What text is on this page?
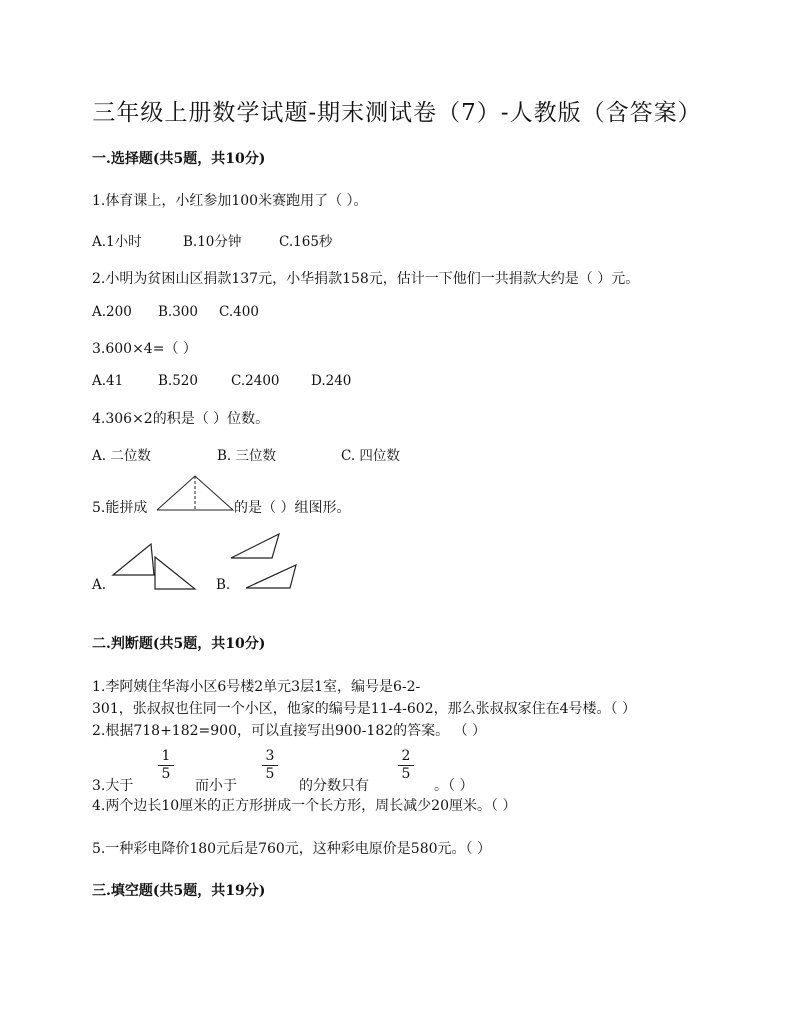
三年级上册数学试题-期末测试卷（7）-人教版（含答案）
一.选择题(共5题，共10分)
1.体育课上，小红参加100米赛跑用了（ ）。
A.1小时	B.10分钟	C.165秒
2.小明为贫困山区捐款137元，小华捐款158元，估计一下他们一共捐款大约是（ ）元。
A.200 B.300 C.400
3.600×4=（ ）
A.41	B.520 C.2400 D.240
4.306×2的积是（ ）位数。
A. 二位数	B. 三位数	C. 四位数
5.能拼成	的是（ ）组图形。
A.	B.
二.判断题(共5题，共10分)
1.李阿姨住华海小区6号楼2单元3层1室，编号是6-2-
301，张叔叔也住同一个小区，他家的编号是11-4-602，那么张叔叔家住在4号楼。（ ）
2.根据718+182=900，可以直接写出900-182的答案。 （ ）
3.大于
1
5
而小于
3
5
的分数只有
2
5
。（ ）
4.两个边长10厘米的正方形拼成一个长方形，周长减少20厘米。（ ）
5.一种彩电降价180元后是760元，这种彩电原价是580元。（ ）
三.填空题(共5题，共19分)
